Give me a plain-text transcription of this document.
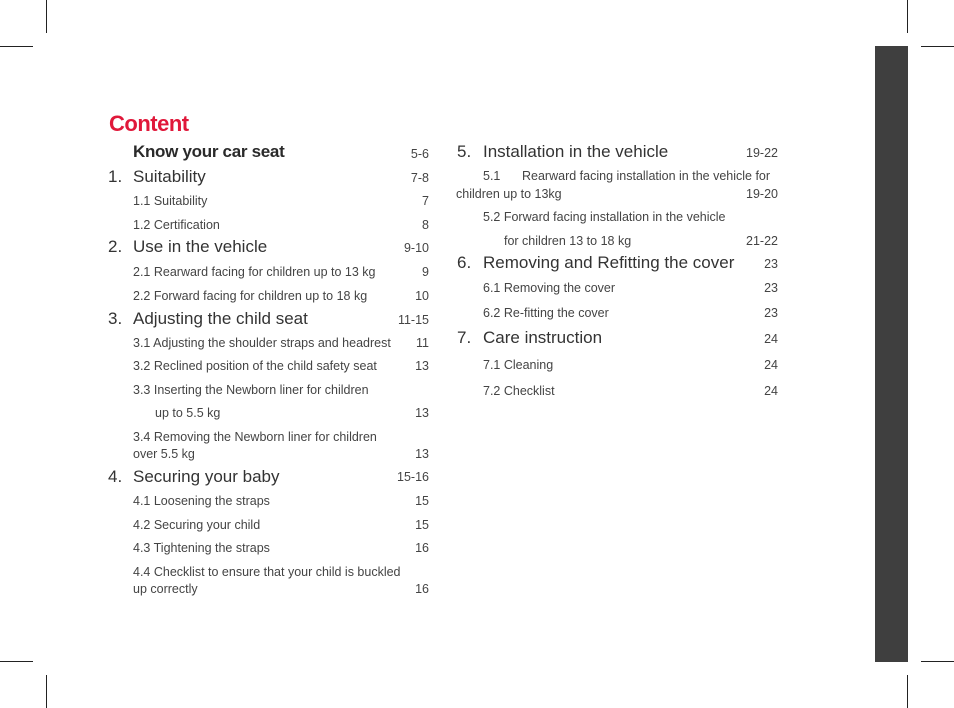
Content
Know your car seat	5-6
1. Suitability	7-8
1.1 Suitability	7
1.2 Certification	8
2. Use in the vehicle	9-10
2.1 Rearward facing for children up to 13 kg	9
2.2 Forward facing for children up to 18 kg	10
3. Adjusting the child seat	11-15
3.1 Adjusting the shoulder straps and headrest	11
3.2 Reclined position of the child safety seat	13
3.3 Inserting the Newborn liner for children
up to 5.5 kg	13
3.4 Removing the Newborn liner for children
over 5.5 kg	13
4. Securing your baby	15-16
4.1 Loosening the straps	15
4.2 Securing your child	15
4.3 Tightening the straps	16
4.4 Checklist to ensure that your child is buckled
up correctly	16
5. Installation in the vehicle	19-22
5.1 Rearward facing installation in the vehicle for
children up to 13kg	19-20
5.2 Forward facing installation in the vehicle
for children 13 to 18 kg	21-22
6. Removing and Refitting the cover	23
6.1 Removing the cover	23
6.2 Re-fitting the cover	23
7. Care instruction	24
7.1 Cleaning	24
7.2 Checklist	24
